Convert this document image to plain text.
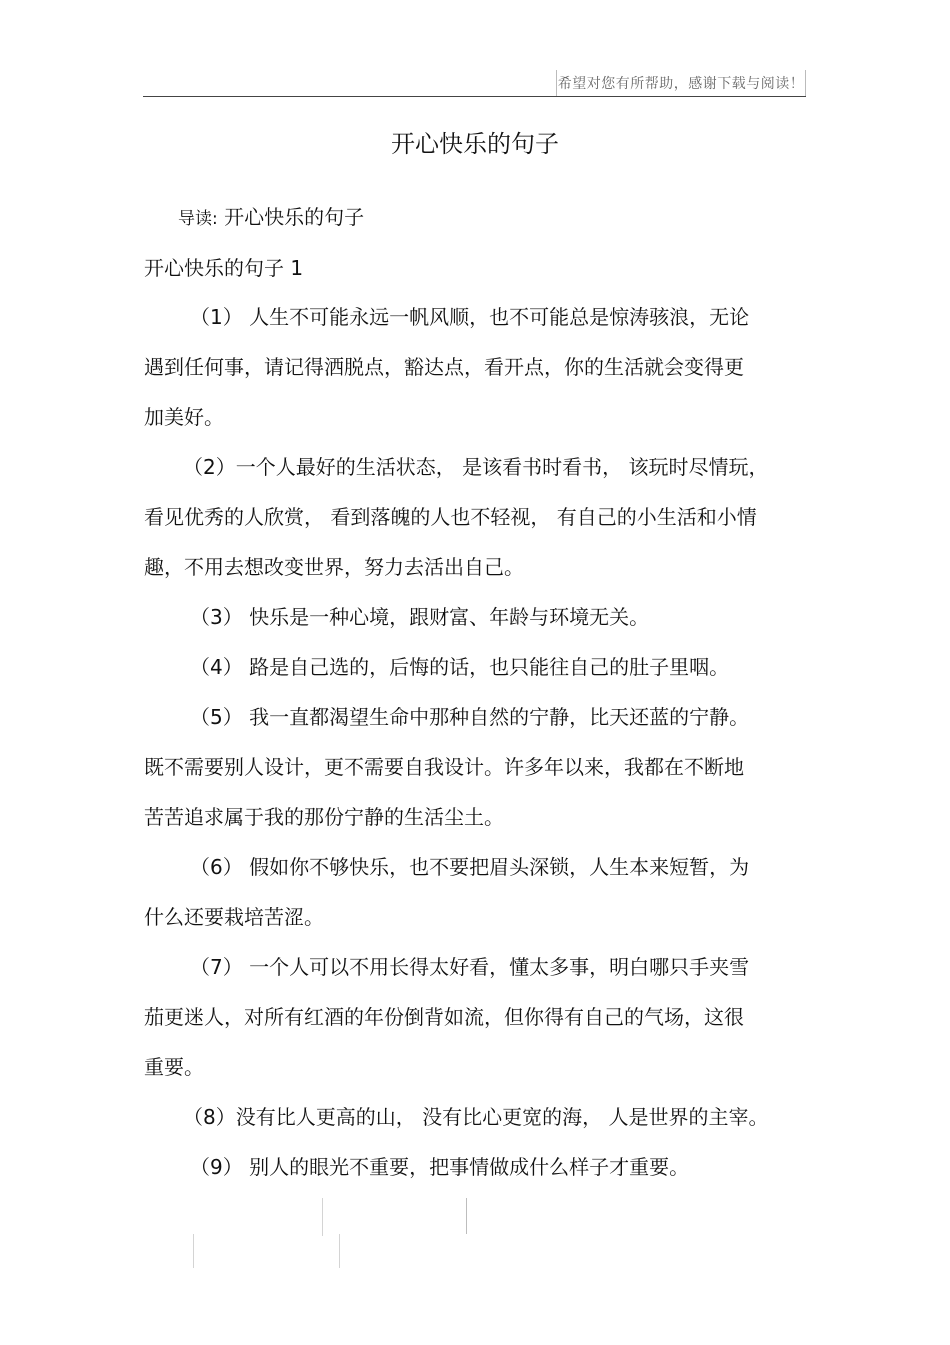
希望对您有所帮助，感谢下载与阅读！
开心快乐的句子
导读: 开心快乐的句子
开心快乐的句子 1
（1） 人生不可能永远一帆风顺，也不可能总是惊涛骇浪，无论
遇到任何事，请记得洒脱点，豁达点，看开点，你的生活就会变得更
加美好。
（2）一个人最好的生活状态， 是该看书时看书， 该玩时尽情玩，
看见优秀的人欣赏， 看到落魄的人也不轻视， 有自己的小生活和小情
趣，不用去想改变世界，努力去活出自己。
（3） 快乐是一种心境，跟财富、年龄与环境无关。
（4） 路是自己选的，后悔的话，也只能往自己的肚子里咽。
（5） 我一直都渴望生命中那种自然的宁静，比天还蓝的宁静。
既不需要别人设计，更不需要自我设计。许多年以来，我都在不断地
苦苦追求属于我的那份宁静的生活尘土。
（6） 假如你不够快乐，也不要把眉头深锁，人生本来短暂，为
什么还要栽培苦涩。
（7） 一个人可以不用长得太好看，懂太多事，明白哪只手夹雪
茄更迷人，对所有红酒的年份倒背如流，但你得有自己的气场，这很
重要。
（8）没有比人更高的山， 没有比心更宽的海， 人是世界的主宰。
（9） 别人的眼光不重要，把事情做成什么样子才重要。
